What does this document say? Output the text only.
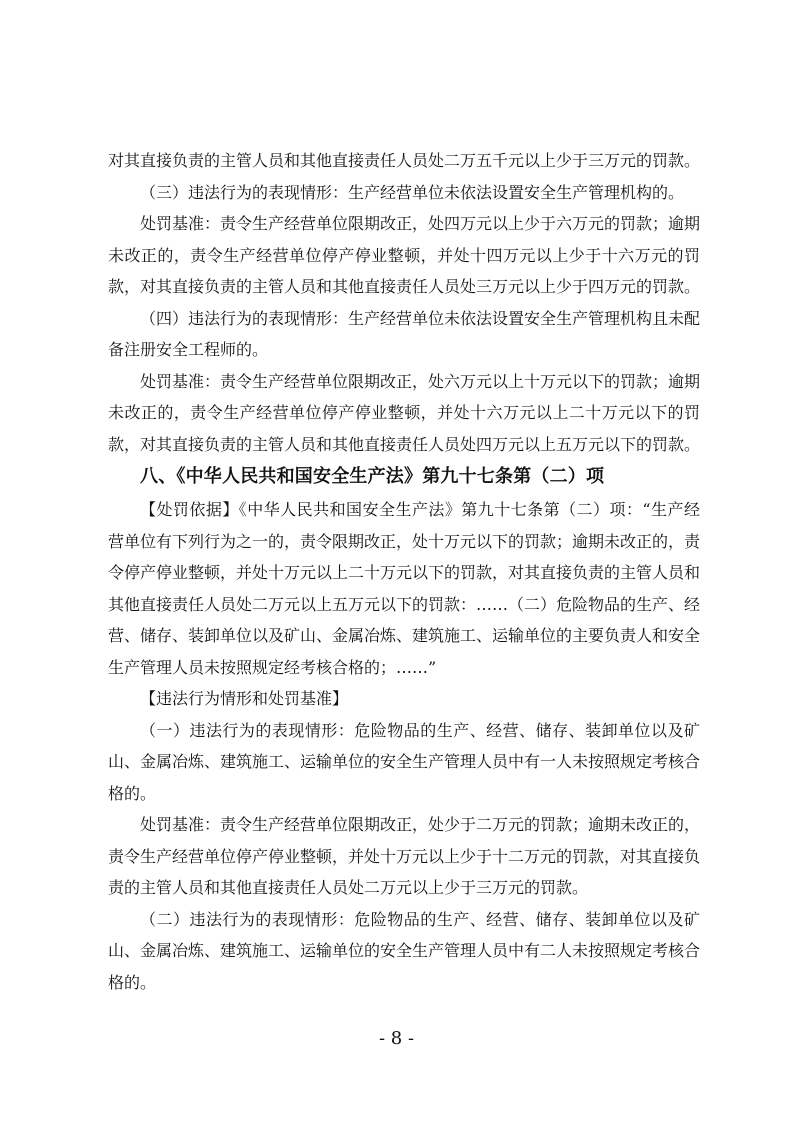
对其直接负责的主管人员和其他直接责任人员处二万五千元以上少于三万元的罚款。

（三）违法行为的表现情形：生产经营单位未依法设置安全生产管理机构的。

处罚基准：责令生产经营单位限期改正，处四万元以上少于六万元的罚款；逾期未改正的，责令生产经营单位停产停业整顿，并处十四万元以上少于十六万元的罚款，对其直接负责的主管人员和其他直接责任人员处三万元以上少于四万元的罚款。

（四）违法行为的表现情形：生产经营单位未依法设置安全生产管理机构且未配备注册安全工程师的。

处罚基准：责令生产经营单位限期改正，处六万元以上十万元以下的罚款；逾期未改正的，责令生产经营单位停产停业整顿，并处十六万元以上二十万元以下的罚款，对其直接负责的主管人员和其他直接责任人员处四万元以上五万元以下的罚款。

八、《中华人民共和国安全生产法》第九十七条第（二）项

【处罚依据】《中华人民共和国安全生产法》第九十七条第（二）项：“生产经营单位有下列行为之一的，责令限期改正，处十万元以下的罚款；逾期未改正的，责令停产停业整顿，并处十万元以上二十万元以下的罚款，对其直接负责的主管人员和其他直接责任人员处二万元以上五万元以下的罚款：……（二）危险物品的生产、经营、储存、装卸单位以及矿山、金属冶炼、建筑施工、运输单位的主要负责人和安全生产管理人员未按照规定经考核合格的；……”

【违法行为情形和处罚基准】

（一）违法行为的表现情形：危险物品的生产、经营、储存、装卸单位以及矿山、金属冶炼、建筑施工、运输单位的安全生产管理人员中有一人未按照规定考核合格的。

处罚基准：责令生产经营单位限期改正，处少于二万元的罚款；逾期未改正的，责令生产经营单位停产停业整顿，并处十万元以上少于十二万元的罚款，对其直接负责的主管人员和其他直接责任人员处二万元以上少于三万元的罚款。

（二）违法行为的表现情形：危险物品的生产、经营、储存、装卸单位以及矿山、金属冶炼、建筑施工、运输单位的安全生产管理人员中有二人未按照规定考核合格的。

- 8 -
